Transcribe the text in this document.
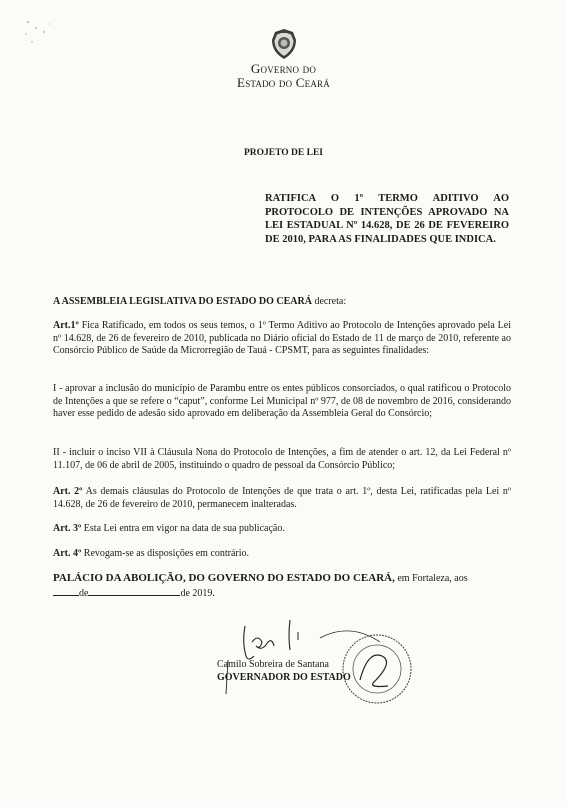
Governo do
Estado do Ceará
PROJETO DE LEI
RATIFICA O 1º TERMO ADITIVO AO PROTOCOLO DE INTENÇÕES APROVADO NA LEI ESTADUAL Nº 14.628, DE 26 DE FEVEREIRO DE 2010, PARA AS FINALIDADES QUE INDICA.
A ASSEMBLEIA LEGISLATIVA DO ESTADO DO CEARÁ decreta:
Art.1º Fica Ratificado, em todos os seus temos, o 1º Termo Aditivo ao Protocolo de Intenções aprovado pela Lei nº 14.628, de 26 de fevereiro de 2010, publicada no Diário oficial do Estado de 11 de março de 2010, referente ao Consórcio Público de Saúde da Microrregião de Tauá - CPSMT, para as seguintes finalidades:
I - aprovar a inclusão do município de Parambu entre os entes públicos consorciados, o qual ratificou o Protocolo de Intenções a que se refere o “caput”, conforme Lei Municipal nº 977, de 08 de novembro de 2016, considerando haver esse pedido de adesão sido aprovado em deliberação da Assembleia Geral do Consórcio;
II - incluir o inciso VII à Cláusula Nona do Protocolo de Intenções, a fim de atender o art. 12, da Lei Federal nº 11.107, de 06 de abril de 2005, instituindo o quadro de pessoal da Consórcio Público;
Art. 2º As demais cláusulas do Protocolo de Intenções de que trata o art. 1º, desta Lei, ratificadas pela Lei nº 14.628, de 26 de fevereiro de 2010, permanecem inalteradas.
Art. 3º Esta Lei entra em vigor na data de sua publicação.
Art. 4º Revogam-se as disposições em contrário.
PALÁCIO DA ABOLIÇÃO, DO GOVERNO DO ESTADO DO CEARÁ, em Fortaleza, aos
de	de 2019.
Camilo Sobreira de Santana
GOVERNADOR DO ESTADO
